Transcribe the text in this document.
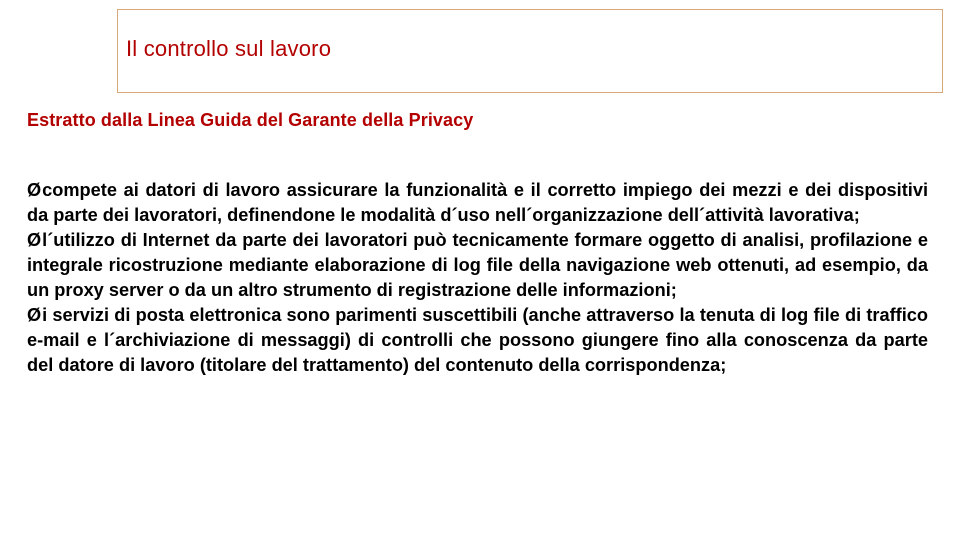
Il controllo sul lavoro
Estratto dalla Linea Guida del Garante della Privacy
Øcompete ai datori di lavoro assicurare la funzionalità e il corretto impiego dei mezzi e dei dispositivi da parte dei lavoratori, definendone le modalità d´uso nell´organizzazione dell´attività lavorativa;
Øl´utilizzo di Internet da parte dei lavoratori può tecnicamente formare oggetto di analisi, profilazione e integrale ricostruzione mediante elaborazione di log file della navigazione web ottenuti, ad esempio, da un proxy server o da un altro strumento di registrazione delle informazioni;
Øi servizi di posta elettronica sono parimenti suscettibili (anche attraverso la tenuta di log file di traffico e-mail e l´archiviazione di messaggi) di controlli che possono giungere fino alla conoscenza da parte del datore di lavoro (titolare del trattamento) del contenuto della corrispondenza;
